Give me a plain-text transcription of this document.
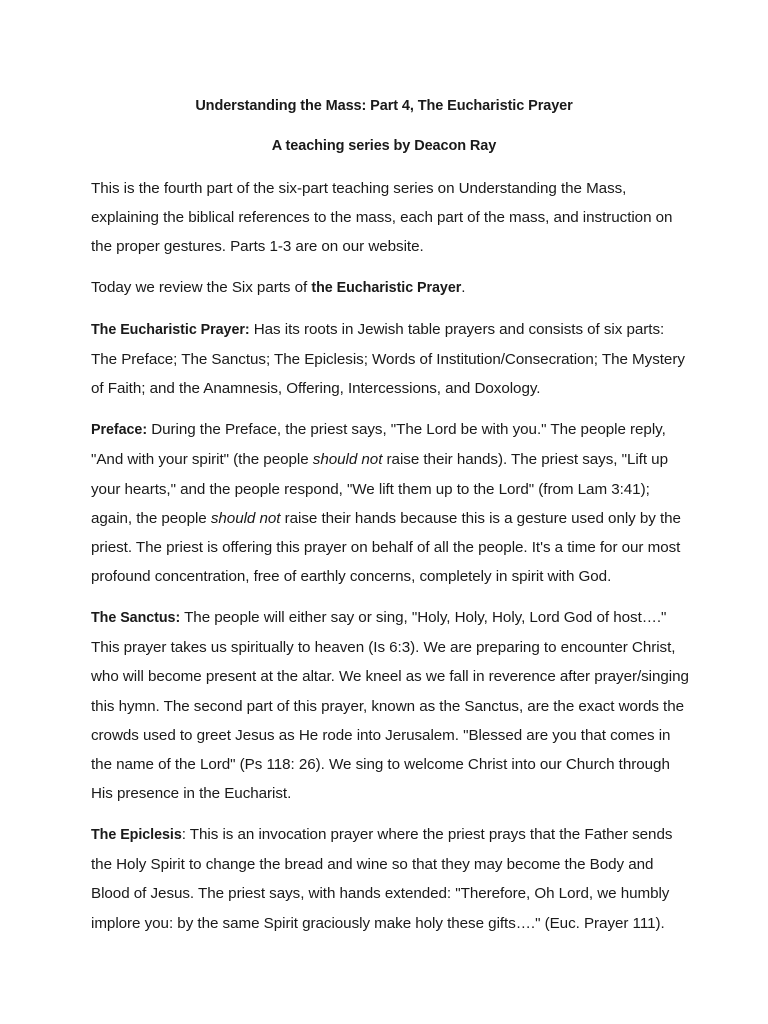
Understanding the Mass: Part 4, The Eucharistic Prayer
A teaching series by Deacon Ray

This is the fourth part of the six-part teaching series on Understanding the Mass, explaining the biblical references to the mass, each part of the mass, and instruction on the proper gestures. Parts 1-3 are on our website.

Today we review the Six parts of the Eucharistic Prayer.

The Eucharistic Prayer: Has its roots in Jewish table prayers and consists of six parts: The Preface; The Sanctus; The Epiclesis; Words of Institution/Consecration; The Mystery of Faith; and the Anamnesis, Offering, Intercessions, and Doxology.

Preface: During the Preface, the priest says, "The Lord be with you." The people reply, "And with your spirit" (the people should not raise their hands). The priest says, "Lift up your hearts," and the people respond, "We lift them up to the Lord" (from Lam 3:41); again, the people should not raise their hands because this is a gesture used only by the priest. The priest is offering this prayer on behalf of all the people. It's a time for our most profound concentration, free of earthly concerns, completely in spirit with God.

The Sanctus: The people will either say or sing, "Holy, Holy, Holy, Lord God of host…." This prayer takes us spiritually to heaven (Is 6:3). We are preparing to encounter Christ, who will become present at the altar. We kneel as we fall in reverence after prayer/singing this hymn. The second part of this prayer, known as the Sanctus, are the exact words the crowds used to greet Jesus as He rode into Jerusalem. "Blessed are you that comes in the name of the Lord" (Ps 118: 26). We sing to welcome Christ into our Church through His presence in the Eucharist.

The Epiclesis: This is an invocation prayer where the priest prays that the Father sends the Holy Spirit to change the bread and wine so that they may become the Body and Blood of Jesus. The priest says, with hands extended: "Therefore, Oh Lord, we humbly implore you: by the same Spirit graciously make holy these gifts…." (Euc. Prayer 111).
